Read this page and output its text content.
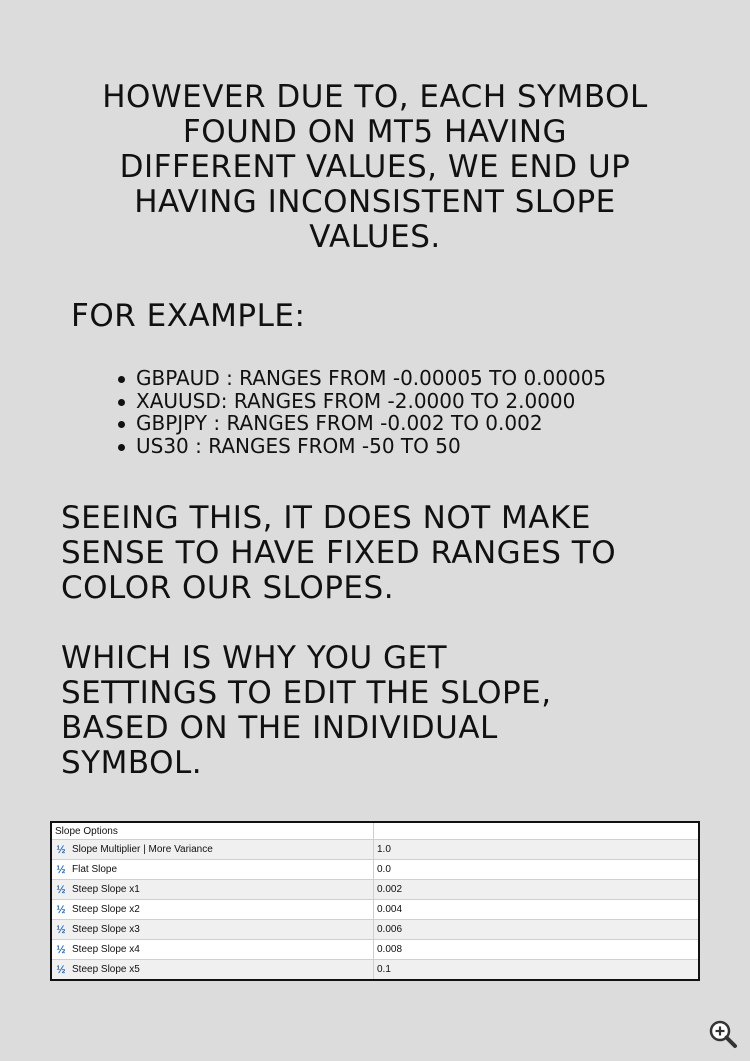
HOWEVER DUE TO, EACH SYMBOL
FOUND ON MT5 HAVING
DIFFERENT VALUES, WE END UP
HAVING INCONSISTENT SLOPE
VALUES.
FOR EXAMPLE:
GBPAUD : RANGES FROM -0.00005 TO 0.00005
XAUUSD: RANGES FROM -2.0000 TO 2.0000
GBPJPY : RANGES FROM -0.002 TO 0.002
US30 : RANGES FROM -50 TO 50
SEEING THIS, IT DOES NOT MAKE
SENSE TO HAVE FIXED RANGES TO
COLOR OUR SLOPES.
WHICH IS WHY YOU GET
SETTINGS TO EDIT THE SLOPE,
BASED ON THE INDIVIDUAL
SYMBOL.
Slope Options
½ Slope Multiplier | More Variance	1.0
½ Flat Slope	0.0
½ Steep Slope x1	0.002
½ Steep Slope x2	0.004
½ Steep Slope x3	0.006
½ Steep Slope x4	0.008
½ Steep Slope x5	0.1
